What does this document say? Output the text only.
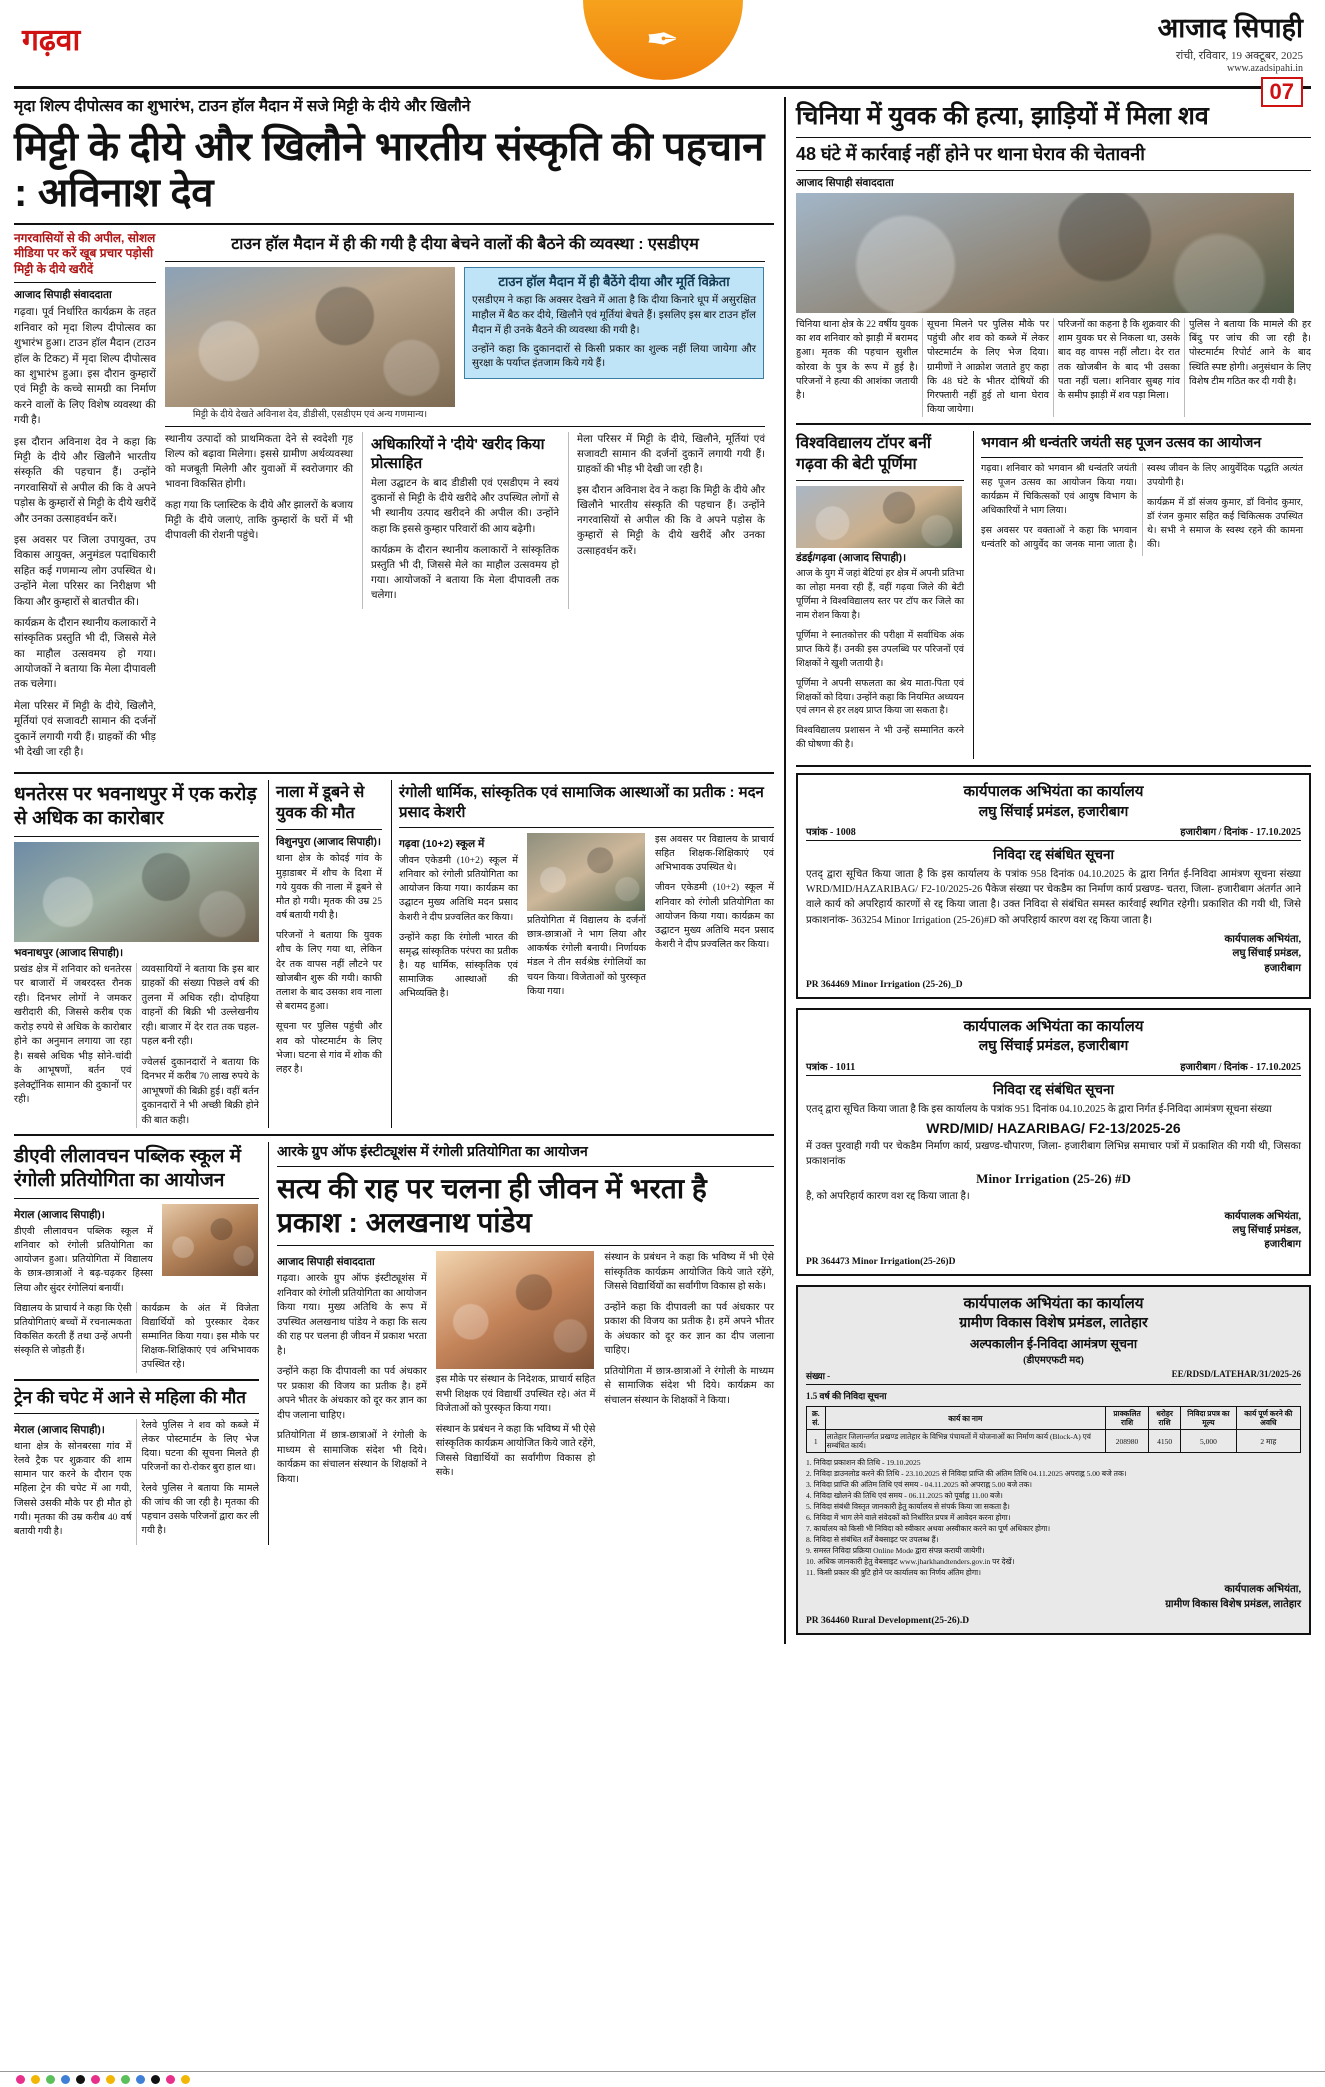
गढ़वा	✒	आजाद सिपाही
रांची, रविवार, 19 अक्टूबर, 2025
www.azadsipahi.in
07
मृदा शिल्प दीपोत्सव का शुभारंभ, टाउन हॉल मैदान में सजे मिट्टी के दीये और खिलौने
मिट्टी के दीये और खिलौने भारतीय संस्कृति की पहचान : अविनाश देव
नगरवासियों से की अपील, सोशल मीडिया पर करें खूब प्रचार पड़ोसी मिट्टी के दीये खरीदें
आजाद सिपाही संवाददाता

गढ़वा। पूर्व निर्धारित कार्यक्रम के तहत शनिवार को मृदा शिल्प दीपोत्सव का शुभारंभ हुआ। टाउन हॉल मैदान (टाउन हॉल के टिकट) में मृदा शिल्प दीपोत्सव का शुभारंभ हुआ। इस दौरान कुम्हारों एवं मिट्टी के कच्चे सामग्री का निर्माण करने वालों के लिए विशेष व्यवस्था की गयी है।

इस दौरान अविनाश देव ने कहा कि मिट्टी के दीये और खिलौने भारतीय संस्कृति की पहचान हैं। उन्होंने नगरवासियों से अपील की कि वे अपने पड़ोस के कुम्हारों से मिट्टी के दीये खरीदें और उनका उत्साहवर्धन करें।

इस अवसर पर जिला उपायुक्त, उप विकास आयुक्त, अनुमंडल पदाधिकारी सहित कई गणमान्य लोग उपस्थित थे। उन्होंने मेला परिसर का निरीक्षण भी किया और कुम्हारों से बातचीत की।

कार्यक्रम के दौरान स्थानीय कलाकारों ने सांस्कृतिक प्रस्तुति भी दी, जिससे मेले का माहौल उत्सवमय हो गया। आयोजकों ने बताया कि मेला दीपावली तक चलेगा।

मेला परिसर में मिट्टी के दीये, खिलौने, मूर्तियां एवं सजावटी सामान की दर्जनों दुकानें लगायी गयी हैं। ग्राहकों की भीड़ भी देखी जा रही है।

टाउन हॉल मैदान में ही की गयी है दीया बेचने वालों की बैठने की व्यवस्था : एसडीएम
मिट्टी के दीये देखते अविनाश देव, डीडीसी, एसडीएम एवं अन्य गणमान्य।
टाउन हॉल मैदान में ही बैठेंगे दीया और मूर्ति विक्रेता
एसडीएम ने कहा कि अक्सर देखने में आता है कि दीया किनारे धूप में असुरक्षित माहौल में बैठ कर दीये, खिलौने एवं मूर्तियां बेचते हैं। इसलिए इस बार टाउन हॉल मैदान में ही उनके बैठने की व्यवस्था की गयी है।
उन्होंने कहा कि दुकानदारों से किसी प्रकार का शुल्क नहीं लिया जायेगा और सुरक्षा के पर्याप्त इंतजाम किये गये हैं।

स्थानीय उत्पादों को प्राथमिकता देने से स्वदेशी गृह शिल्प को बढ़ावा मिलेगा। इससे ग्रामीण अर्थव्यवस्था को मजबूती मिलेगी और युवाओं में स्वरोजगार की भावना विकसित होगी।

कहा गया कि प्लास्टिक के दीये और झालरों के बजाय मिट्टी के दीये जलाएं, ताकि कुम्हारों के घरों में भी दीपावली की रोशनी पहुंचे।

अधिकारियों ने 'दीये' खरीद किया प्रोत्साहित

मेला उद्घाटन के बाद डीडीसी एवं एसडीएम ने स्वयं दुकानों से मिट्टी के दीये खरीदे और उपस्थित लोगों से भी स्थानीय उत्पाद खरीदने की अपील की। उन्होंने कहा कि इससे कुम्हार परिवारों की आय बढ़ेगी।

कार्यक्रम के दौरान स्थानीय कलाकारों ने सांस्कृतिक प्रस्तुति भी दी, जिससे मेले का माहौल उत्सवमय हो गया। आयोजकों ने बताया कि मेला दीपावली तक चलेगा।

मेला परिसर में मिट्टी के दीये, खिलौने, मूर्तियां एवं सजावटी सामान की दर्जनों दुकानें लगायी गयी हैं। ग्राहकों की भीड़ भी देखी जा रही है।

इस दौरान अविनाश देव ने कहा कि मिट्टी के दीये और खिलौने भारतीय संस्कृति की पहचान हैं। उन्होंने नगरवासियों से अपील की कि वे अपने पड़ोस के कुम्हारों से मिट्टी के दीये खरीदें और उनका उत्साहवर्धन करें।

धनतेरस पर भवनाथपुर में एक करोड़ से अधिक का कारोबार
भवनाथपुर (आजाद सिपाही)।

प्रखंड क्षेत्र में शनिवार को धनतेरस पर बाजारों में जबरदस्त रौनक रही। दिनभर लोगों ने जमकर खरीदारी की, जिससे करीब एक करोड़ रुपये से अधिक के कारोबार होने का अनुमान लगाया जा रहा है। सबसे अधिक भीड़ सोने-चांदी के आभूषणों, बर्तन एवं इलेक्ट्रॉनिक सामान की दुकानों पर रही।

व्यवसायियों ने बताया कि इस बार ग्राहकों की संख्या पिछले वर्ष की तुलना में अधिक रही। दोपहिया वाहनों की बिक्री भी उल्लेखनीय रही। बाजार में देर रात तक चहल-पहल बनी रही।

ज्वेलर्स दुकानदारों ने बताया कि दिनभर में करीब 70 लाख रुपये के आभूषणों की बिक्री हुई। वहीं बर्तन दुकानदारों ने भी अच्छी बिक्री होने की बात कही।

नाला में डूबने से युवक की मौत
विशुनपुरा (आजाद सिपाही)।

थाना क्षेत्र के कोदई गांव के मुड़ाडाबर में शौच के दिशा में गये युवक की नाला में डूबने से मौत हो गयी। मृतक की उम्र 25 वर्ष बतायी गयी है।

परिजनों ने बताया कि युवक शौच के लिए गया था, लेकिन देर तक वापस नहीं लौटने पर खोजबीन शुरू की गयी। काफी तलाश के बाद उसका शव नाला से बरामद हुआ।

सूचना पर पुलिस पहुंची और शव को पोस्टमार्टम के लिए भेजा। घटना से गांव में शोक की लहर है।

रंगोली धार्मिक, सांस्कृतिक एवं सामाजिक आस्थाओं का प्रतीक : मदन प्रसाद केशरी
गढ़वा (10+2) स्कूल में

जीवन एकेडमी (10+2) स्कूल में शनिवार को रंगोली प्रतियोगिता का आयोजन किया गया। कार्यक्रम का उद्घाटन मुख्य अतिथि मदन प्रसाद केशरी ने दीप प्रज्वलित कर किया।

उन्होंने कहा कि रंगोली भारत की समृद्ध सांस्कृतिक परंपरा का प्रतीक है। यह धार्मिक, सांस्कृतिक एवं सामाजिक आस्थाओं की अभिव्यक्ति है।

प्रतियोगिता में विद्यालय के दर्जनों छात्र-छात्राओं ने भाग लिया और आकर्षक रंगोली बनायी। निर्णायक मंडल ने तीन सर्वश्रेष्ठ रंगोलियों का चयन किया। विजेताओं को पुरस्कृत किया गया।

इस अवसर पर विद्यालय के प्राचार्य सहित शिक्षक-शिक्षिकाएं एवं अभिभावक उपस्थित थे।

जीवन एकेडमी (10+2) स्कूल में शनिवार को रंगोली प्रतियोगिता का आयोजन किया गया। कार्यक्रम का उद्घाटन मुख्य अतिथि मदन प्रसाद केशरी ने दीप प्रज्वलित कर किया।

डीएवी लीलावचन पब्लिक स्कूल में रंगोली प्रतियोगिता का आयोजन
मेराल (आजाद सिपाही)।

डीएवी लीलावचन पब्लिक स्कूल में शनिवार को रंगोली प्रतियोगिता का आयोजन हुआ। प्रतियोगिता में विद्यालय के छात्र-छात्राओं ने बढ़-चढ़कर हिस्सा लिया और सुंदर रंगोलियां बनायीं।

विद्यालय के प्राचार्य ने कहा कि ऐसी प्रतियोगिताएं बच्चों में रचनात्मकता विकसित करती हैं तथा उन्हें अपनी संस्कृति से जोड़ती हैं।

कार्यक्रम के अंत में विजेता विद्यार्थियों को पुरस्कार देकर सम्मानित किया गया। इस मौके पर शिक्षक-शिक्षिकाएं एवं अभिभावक उपस्थित रहे।

ट्रेन की चपेट में आने से महिला की मौत
मेराल (आजाद सिपाही)।

थाना क्षेत्र के सोनबरसा गांव में रेलवे ट्रैक पर शुक्रवार की शाम सामान पार करने के दौरान एक महिला ट्रेन की चपेट में आ गयी, जिससे उसकी मौके पर ही मौत हो गयी। मृतका की उम्र करीब 40 वर्ष बतायी गयी है।

रेलवे पुलिस ने शव को कब्जे में लेकर पोस्टमार्टम के लिए भेज दिया। घटना की सूचना मिलते ही परिजनों का रो-रोकर बुरा हाल था।

रेलवे पुलिस ने बताया कि मामले की जांच की जा रही है। मृतका की पहचान उसके परिजनों द्वारा कर ली गयी है।

आरके ग्रुप ऑफ इंस्टीट्यूशंस में रंगोली प्रतियोगिता का आयोजन
सत्य की राह पर चलना ही जीवन में भरता है प्रकाश : अलखनाथ पांडेय
आजाद सिपाही संवाददाता

गढ़वा। आरके ग्रुप ऑफ इंस्टीट्यूशंस में शनिवार को रंगोली प्रतियोगिता का आयोजन किया गया। मुख्य अतिथि के रूप में उपस्थित अलखनाथ पांडेय ने कहा कि सत्य की राह पर चलना ही जीवन में प्रकाश भरता है।

उन्होंने कहा कि दीपावली का पर्व अंधकार पर प्रकाश की विजय का प्रतीक है। हमें अपने भीतर के अंधकार को दूर कर ज्ञान का दीप जलाना चाहिए।

प्रतियोगिता में छात्र-छात्राओं ने रंगोली के माध्यम से सामाजिक संदेश भी दिये। कार्यक्रम का संचालन संस्थान के शिक्षकों ने किया।

इस मौके पर संस्थान के निदेशक, प्राचार्य सहित सभी शिक्षक एवं विद्यार्थी उपस्थित रहे। अंत में विजेताओं को पुरस्कृत किया गया।

संस्थान के प्रबंधन ने कहा कि भविष्य में भी ऐसे सांस्कृतिक कार्यक्रम आयोजित किये जाते रहेंगे, जिससे विद्यार्थियों का सर्वांगीण विकास हो सके।

संस्थान के प्रबंधन ने कहा कि भविष्य में भी ऐसे सांस्कृतिक कार्यक्रम आयोजित किये जाते रहेंगे, जिससे विद्यार्थियों का सर्वांगीण विकास हो सके।

उन्होंने कहा कि दीपावली का पर्व अंधकार पर प्रकाश की विजय का प्रतीक है। हमें अपने भीतर के अंधकार को दूर कर ज्ञान का दीप जलाना चाहिए।

प्रतियोगिता में छात्र-छात्राओं ने रंगोली के माध्यम से सामाजिक संदेश भी दिये। कार्यक्रम का संचालन संस्थान के शिक्षकों ने किया।

चिनिया में युवक की हत्या, झाड़ियों में मिला शव
48 घंटे में कार्रवाई नहीं होने पर थाना घेराव की चेतावनी
आजाद सिपाही संवाददाता

चिनिया थाना क्षेत्र के 22 वर्षीय युवक का शव शनिवार को झाड़ी में बरामद हुआ। मृतक की पहचान सुशील कोरवा के पुत्र के रूप में हुई है। परिजनों ने हत्या की आशंका जतायी है।

सूचना मिलने पर पुलिस मौके पर पहुंची और शव को कब्जे में लेकर पोस्टमार्टम के लिए भेज दिया। ग्रामीणों ने आक्रोश जताते हुए कहा कि 48 घंटे के भीतर दोषियों की गिरफ्तारी नहीं हुई तो थाना घेराव किया जायेगा।

परिजनों का कहना है कि शुक्रवार की शाम युवक घर से निकला था, उसके बाद वह वापस नहीं लौटा। देर रात तक खोजबीन के बाद भी उसका पता नहीं चला। शनिवार सुबह गांव के समीप झाड़ी में शव पड़ा मिला।

पुलिस ने बताया कि मामले की हर बिंदु पर जांच की जा रही है। पोस्टमार्टम रिपोर्ट आने के बाद स्थिति स्पष्ट होगी। अनुसंधान के लिए विशेष टीम गठित कर दी गयी है।

विश्वविद्यालय टॉपर बनीं गढ़वा की बेटी पूर्णिमा
डंडई/गढ़वा (आजाद सिपाही)।

आज के युग में जहां बेटियां हर क्षेत्र में अपनी प्रतिभा का लोहा मनवा रही हैं, वहीं गढ़वा जिले की बेटी पूर्णिमा ने विश्वविद्यालय स्तर पर टॉप कर जिले का नाम रोशन किया है।

पूर्णिमा ने स्नातकोत्तर की परीक्षा में सर्वाधिक अंक प्राप्त किये हैं। उनकी इस उपलब्धि पर परिजनों एवं शिक्षकों ने खुशी जतायी है।

पूर्णिमा ने अपनी सफलता का श्रेय माता-पिता एवं शिक्षकों को दिया। उन्होंने कहा कि नियमित अध्ययन एवं लगन से हर लक्ष्य प्राप्त किया जा सकता है।

विश्वविद्यालय प्रशासन ने भी उन्हें सम्मानित करने की घोषणा की है।

भगवान श्री धन्वंतरि जयंती सह पूजन उत्सव का आयोजन

गढ़वा। शनिवार को भगवान श्री धन्वंतरि जयंती सह पूजन उत्सव का आयोजन किया गया। कार्यक्रम में चिकित्सकों एवं आयुष विभाग के अधिकारियों ने भाग लिया।

इस अवसर पर वक्ताओं ने कहा कि भगवान धन्वंतरि को आयुर्वेद का जनक माना जाता है। स्वस्थ जीवन के लिए आयुर्वेदिक पद्धति अत्यंत उपयोगी है।

कार्यक्रम में डॉ संजय कुमार, डॉ विनोद कुमार, डॉ रंजन कुमार सहित कई चिकित्सक उपस्थित थे। सभी ने समाज के स्वस्थ रहने की कामना की।

कार्यपालक अभियंता का कार्यालय
लघु सिंचाई प्रमंडल, हजारीबाग
पत्रांक - 1008	हजारीबाग / दिनांक - 17.10.2025
निविदा रद्द संबंधित सूचना
एतद् द्वारा सूचित किया जाता है कि इस कार्यालय के पत्रांक 958 दिनांक 04.10.2025 के द्वारा निर्गत ई-निविदा आमंत्रण सूचना संख्या WRD/MID/HAZARIBAG/ F2-10/2025-26 पैकेज संख्या पर चेकडैम का निर्माण कार्य प्रखण्ड- चतरा, जिला- हजारीबाग अंतर्गत आने वाले कार्य को अपरिहार्य कारणों से रद्द किया जाता है। उक्त निविदा से संबंधित समस्त कार्रवाई स्थगित रहेगी। प्रकाशित की गयी थी, जिसे प्रकाशनांक- 363254 Minor Irrigation (25-26)#D को अपरिहार्य कारण वश रद्द किया जाता है।
कार्यपालक अभियंता,
लघु सिंचाई प्रमंडल,
हजारीबाग
PR 364469 Minor Irrigation (25-26)_D
कार्यपालक अभियंता का कार्यालय
लघु सिंचाई प्रमंडल, हजारीबाग
पत्रांक - 1011	हजारीबाग / दिनांक - 17.10.2025
निविदा रद्द संबंधित सूचना
एतद् द्वारा सूचित किया जाता है कि इस कार्यालय के पत्रांक 951 दिनांक 04.10.2025 के द्वारा निर्गत ई-निविदा आमंत्रण सूचना संख्या
WRD/MID/ HAZARIBAG/ F2-13/2025-26
में उक्त पुरवाही गयी पर चेकडैम निर्माण कार्य, प्रखण्ड-चौपारण, जिला- हजारीबाग लिभिन्न समाचार पत्रों में प्रकाशित की गयी थी, जिसका प्रकाशनांक
Minor Irrigation (25-26) #D
है, को अपरिहार्य कारण वश रद्द किया जाता है।
कार्यपालक अभियंता,
लघु सिंचाई प्रमंडल,
हजारीबाग
PR 364473 Minor Irrigation(25-26)D
कार्यपालक अभियंता का कार्यालय
ग्रामीण विकास विशेष प्रमंडल, लातेहार
अल्पकालीन ई-निविदा आमंत्रण सूचना
(डीएमएफटी मद)
संख्या -	EE/RDSD/LATEHAR/31/2025-26
1.5 वर्ष की निविदा सूचना
क्र. सं.	कार्य का नाम	प्राक्कलित राशि	धरोहर राशि	निविदा प्रपत्र का मूल्य	कार्य पूर्ण करने की अवधि
1	लातेहार जिलान्तर्गत प्रखण्ड लातेहार के विभिन्न पंचायतों में योजनाओं का निर्माण कार्य (Block-A) एवं सम्बंधित कार्य।	208980	4150	5,000	2 माह
1. निविदा प्रकाशन की तिथि - 19.10.2025
2. निविदा डाउनलोड करने की तिथि - 23.10.2025 से निविदा प्राप्ति की अंतिम तिथि 04.11.2025 अपराह्न 5.00 बजे तक।
3. निविदा प्राप्ति की अंतिम तिथि एवं समय - 04.11.2025 को अपराह्न 5.00 बजे तक।
4. निविदा खोलने की तिथि एवं समय - 06.11.2025 को पूर्वाह्न 11.00 बजे।
5. निविदा संबंधी विस्तृत जानकारी हेतु कार्यालय से संपर्क किया जा सकता है।
6. निविदा में भाग लेने वाले संवेदकों को निर्धारित प्रपत्र में आवेदन करना होगा।
7. कार्यालय को किसी भी निविदा को स्वीकार अथवा अस्वीकार करने का पूर्ण अधिकार होगा।
8. निविदा से संबंधित शर्तें वेबसाइट पर उपलब्ध हैं।
9. समस्त निविदा प्रक्रिया Online Mode द्वारा संपन्न करायी जायेगी।
10. अधिक जानकारी हेतु वेबसाइट www.jharkhandtenders.gov.in पर देखें।
11. किसी प्रकार की त्रुटि होने पर कार्यालय का निर्णय अंतिम होगा।
कार्यपालक अभियंता,
ग्रामीण विकास विशेष प्रमंडल, लातेहार
PR 364460 Rural Development(25-26).D
